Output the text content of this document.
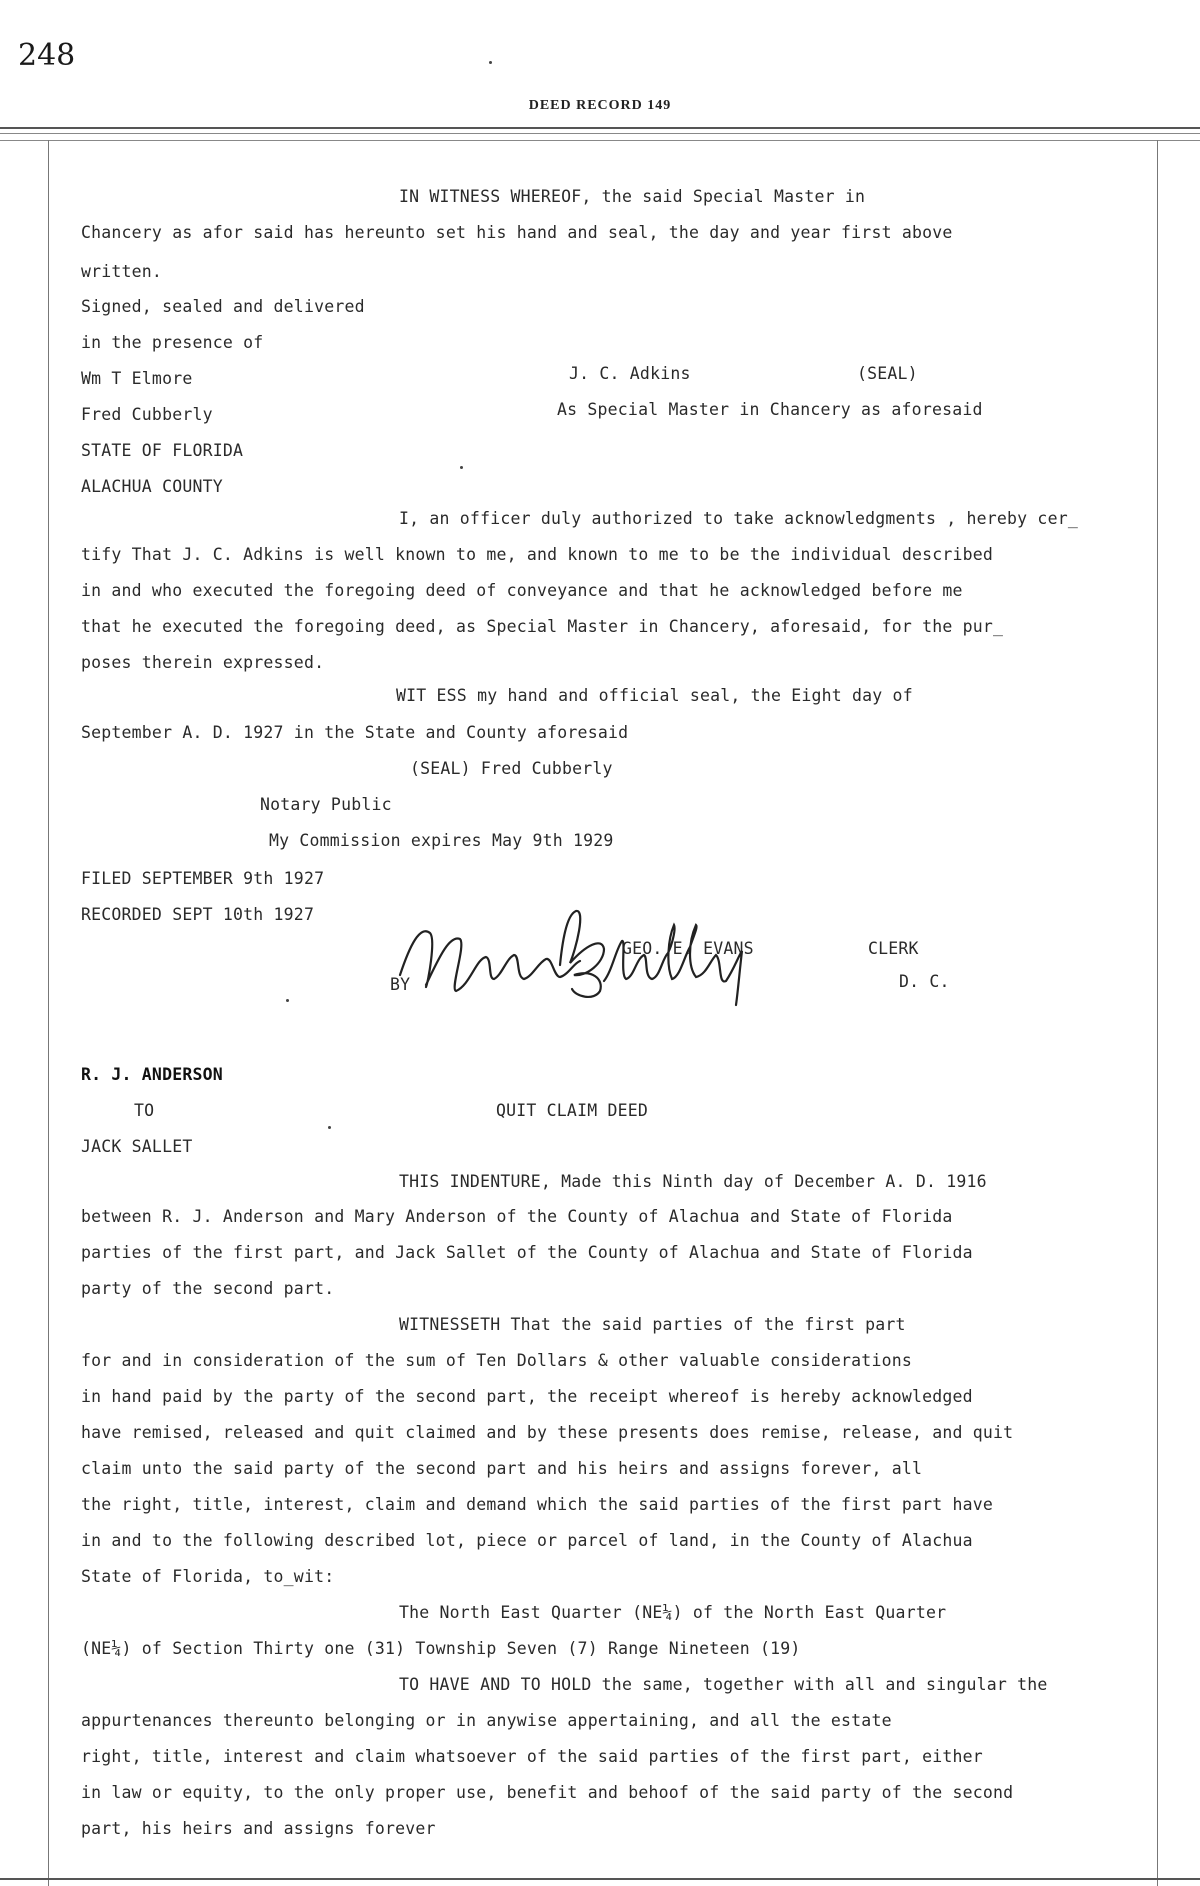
248
DEED RECORD 149
IN WITNESS WHEREOF, the said Special Master in
Chancery as afor said has hereunto set his hand and seal, the day and year first above
written.
Signed, sealed and delivered
in the presence of
Wm T Elmore	J. C. Adkins	(SEAL)
Fred Cubberly	As Special Master in Chancery as aforesaid
STATE OF FLORIDA
ALACHUA COUNTY
I, an officer duly authorized to take acknowledgments , hereby cer_
tify That J. C. Adkins is well known to me, and known to me to be the individual described
in and who executed the foregoing deed of conveyance and that he acknowledged before me
that he executed the foregoing deed, as Special Master in Chancery, aforesaid, for the pur_
poses therein expressed.
WIT ESS my hand and official seal, the Eight day of
September A. D. 1927 in the State and County aforesaid
(SEAL) Fred Cubberly
Notary Public
My Commission expires May 9th 1929
FILED SEPTEMBER 9th 1927
RECORDED SEPT 10th 1927
GEO. E. EVANS	CLERK
BY	D. C.
R. J. ANDERSON
TO	QUIT CLAIM DEED
JACK SALLET
THIS INDENTURE, Made this Ninth day of December A. D. 1916
between R. J. Anderson and Mary Anderson of the County of Alachua and State of Florida
parties of the first part, and Jack Sallet of the County of Alachua and State of Florida
party of the second part.
WITNESSETH That the said parties of the first part
for and in consideration of the sum of Ten Dollars & other valuable considerations
in hand paid by the party of the second part, the receipt whereof is hereby acknowledged
have remised, released and quit claimed and by these presents does remise, release, and quit
claim unto the said party of the second part and his heirs and assigns forever, all
the right, title, interest, claim and demand which the said parties of the first part have
in and to the following described lot, piece or parcel of land, in the County of Alachua
State of Florida, to_wit:
The North East Quarter (NE¼) of the North East Quarter
(NE¼) of Section Thirty one (31) Township Seven (7) Range Nineteen (19)
TO HAVE AND TO HOLD the same, together with all and singular the
appurtenances thereunto belonging or in anywise appertaining, and all the estate
right, title, interest and claim whatsoever of the said parties of the first part, either
in law or equity, to the only proper use, benefit and behoof of the said party of the second
part, his heirs and assigns forever
